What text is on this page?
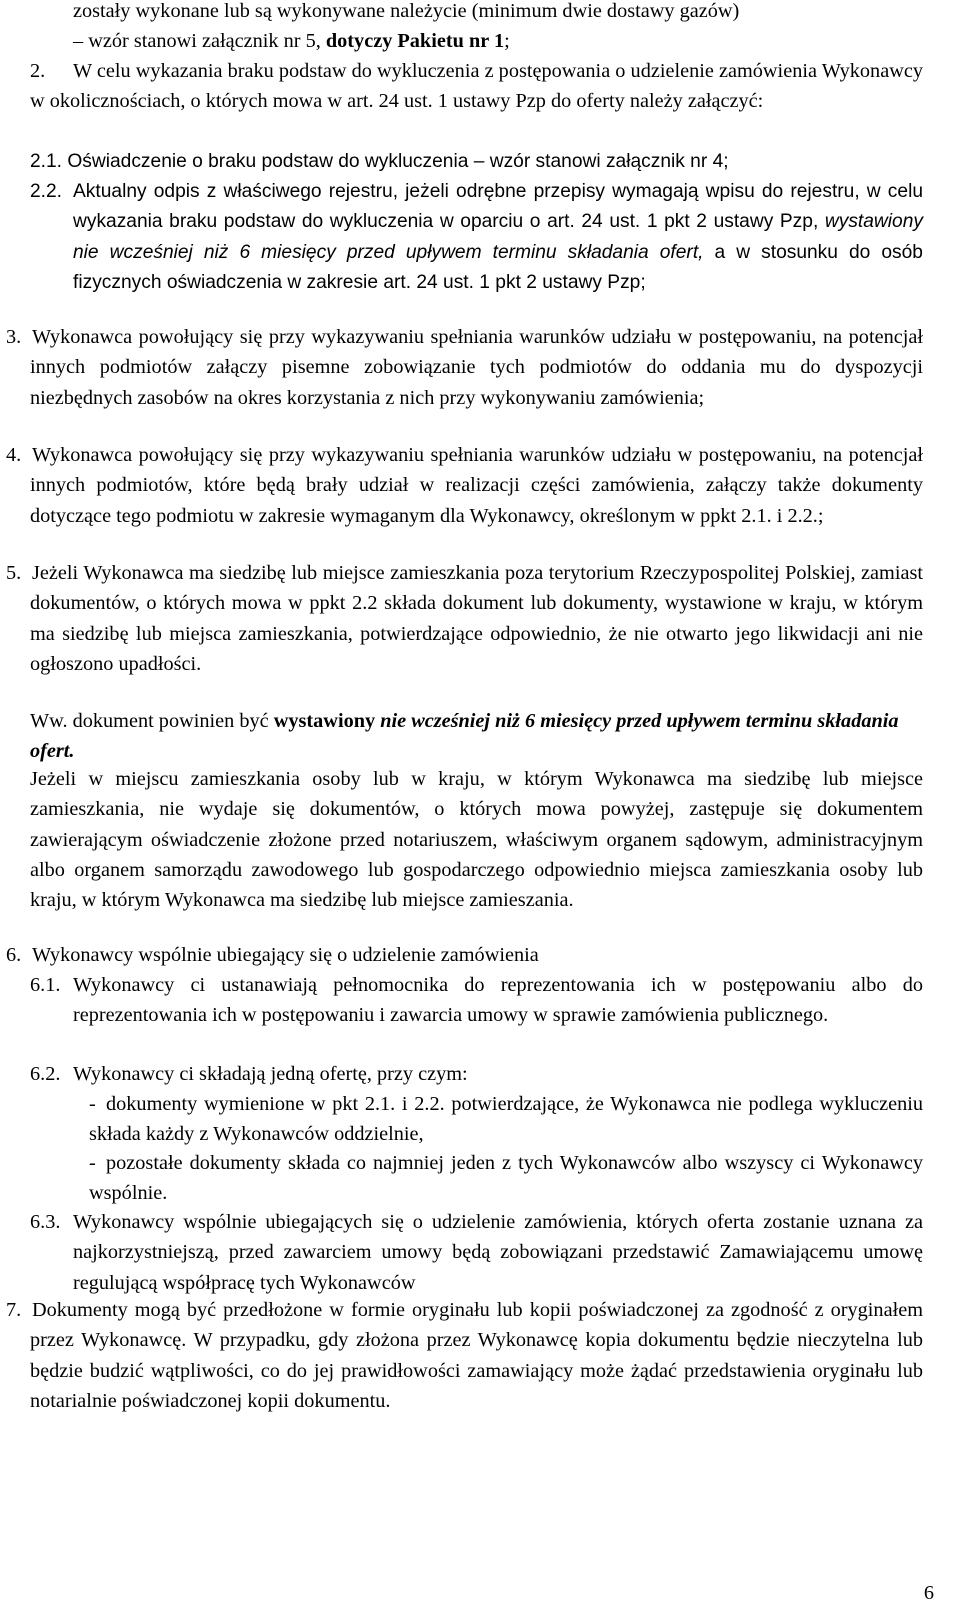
zostały wykonane lub są wykonywane należycie (minimum dwie dostawy gazów)
– wzór stanowi załącznik nr 5, dotyczy Pakietu nr 1;
2.	W celu wykazania braku podstaw do wykluczenia z postępowania o udzielenie zamówienia Wykonawcy w okolicznościach, o których mowa w art. 24 ust. 1 ustawy Pzp do oferty należy załączyć:
2.1. Oświadczenie o braku podstaw do wykluczenia – wzór stanowi załącznik nr 4;
2.2. Aktualny odpis z właściwego rejestru, jeżeli odrębne przepisy wymagają wpisu do rejestru, w celu wykazania braku podstaw do wykluczenia w oparciu o art. 24 ust. 1 pkt 2 ustawy Pzp, wystawiony nie wcześniej niż 6 miesięcy przed upływem terminu składania ofert, a w stosunku do osób fizycznych oświadczenia w zakresie art. 24 ust. 1 pkt 2 ustawy Pzp;
3. Wykonawca powołujący się przy wykazywaniu spełniania warunków udziału w postępowaniu, na potencjał innych podmiotów załączy pisemne zobowiązanie tych podmiotów do oddania mu do dyspozycji niezbędnych zasobów na okres korzystania z nich przy wykonywaniu zamówienia;
4. Wykonawca powołujący się przy wykazywaniu spełniania warunków udziału w postępowaniu, na potencjał innych podmiotów, które będą brały udział w realizacji części zamówienia, załączy także dokumenty dotyczące tego podmiotu w zakresie wymaganym dla Wykonawcy, określonym w ppkt 2.1. i 2.2.;
5. Jeżeli Wykonawca ma siedzibę lub miejsce zamieszkania poza terytorium Rzeczypospolitej Polskiej, zamiast dokumentów, o których mowa w ppkt 2.2 składa dokument lub dokumenty, wystawione w kraju, w którym ma siedzibę lub miejsca zamieszkania, potwierdzające odpowiednio, że nie otwarto jego likwidacji ani nie ogłoszono upadłości.
Ww. dokument powinien być wystawiony nie wcześniej niż 6 miesięcy przed upływem terminu składania ofert.
Jeżeli w miejscu zamieszkania osoby lub w kraju, w którym Wykonawca ma siedzibę lub miejsce zamieszkania, nie wydaje się dokumentów, o których mowa powyżej, zastępuje się dokumentem zawierającym oświadczenie złożone przed notariuszem, właściwym organem sądowym, administracyjnym albo organem samorządu zawodowego lub gospodarczego odpowiednio miejsca zamieszkania osoby lub kraju, w którym Wykonawca ma siedzibę lub miejsce zamieszania.
6. Wykonawcy wspólnie ubiegający się o udzielenie zamówienia
6.1. Wykonawcy ci ustanawiają pełnomocnika do reprezentowania ich w postępowaniu albo do reprezentowania ich w postępowaniu i zawarcia umowy w sprawie zamówienia publicznego.
6.2. Wykonawcy ci składają jedną ofertę, przy czym:
- dokumenty wymienione w pkt 2.1. i 2.2. potwierdzające, że Wykonawca nie podlega wykluczeniu składa każdy z Wykonawców oddzielnie,
- pozostałe dokumenty składa co najmniej jeden z tych Wykonawców albo wszyscy ci Wykonawcy wspólnie.
6.3. Wykonawcy wspólnie ubiegających się o udzielenie zamówienia, których oferta zostanie uznana za najkorzystniejszą, przed zawarciem umowy będą zobowiązani przedstawić Zamawiającemu umowę regulującą współpracę tych Wykonawców
7. Dokumenty mogą być przedłożone w formie oryginału lub kopii poświadczonej za zgodność z oryginałem przez Wykonawcę. W przypadku, gdy złożona przez Wykonawcę kopia dokumentu będzie nieczytelna lub będzie budzić wątpliwości, co do jej prawidłowości zamawiający może żądać przedstawienia oryginału lub notarialnie poświadczonej kopii dokumentu.
6
